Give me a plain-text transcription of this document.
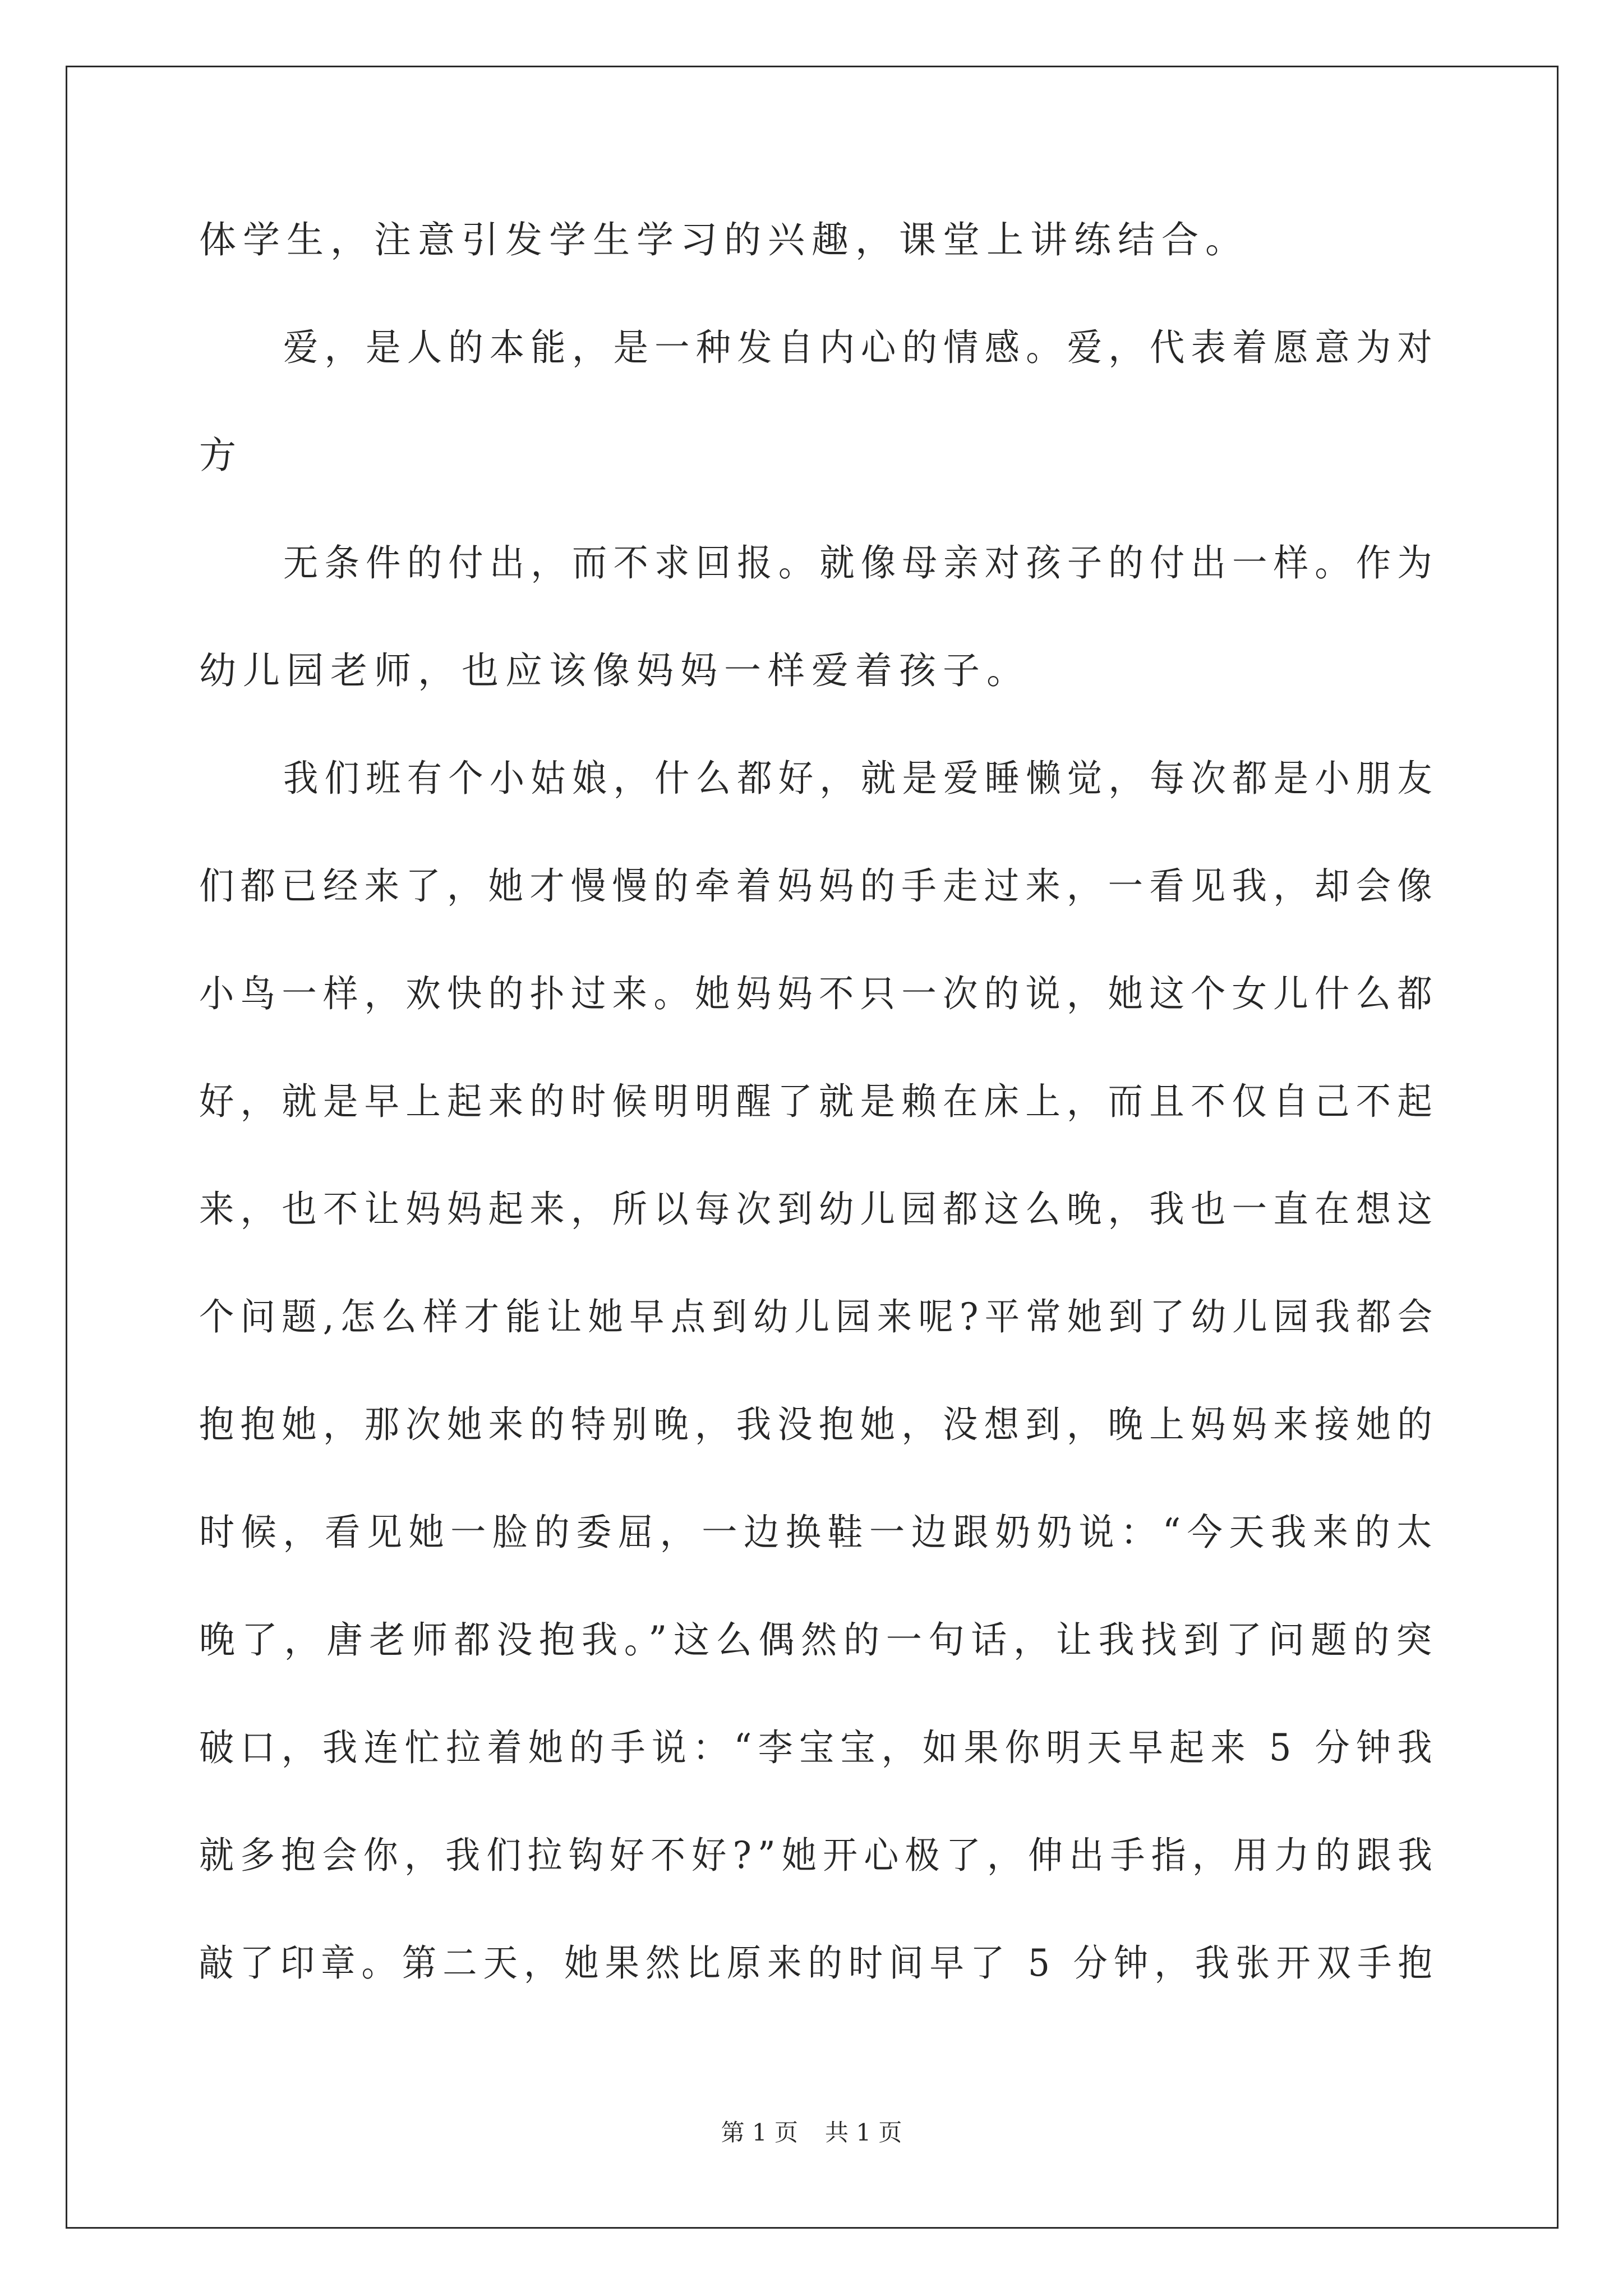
体学生，注意引发学生学习的兴趣，课堂上讲练结合。
爱，是人的本能，是一种发自内心的情感。爱，代表着愿意为对
方
无条件的付出，而不求回报。就像母亲对孩子的付出一样。作为
幼儿园老师，也应该像妈妈一样爱着孩子。
我们班有个小姑娘，什么都好，就是爱睡懒觉，每次都是小朋友
们都已经来了，她才慢慢的牵着妈妈的手走过来，一看见我，却会像
小鸟一样，欢快的扑过来。她妈妈不只一次的说，她这个女儿什么都
好，就是早上起来的时候明明醒了就是赖在床上，而且不仅自己不起
来，也不让妈妈起来，所以每次到幼儿园都这么晚，我也一直在想这
个问题,怎么样才能让她早点到幼儿园来呢?平常她到了幼儿园我都会
抱抱她，那次她来的特别晚，我没抱她，没想到，晚上妈妈来接她的
时候，看见她一脸的委屈，一边换鞋一边跟奶奶说：“今天我来的太
晚了，唐老师都没抱我。”这么偶然的一句话，让我找到了问题的突
破口，我连忙拉着她的手说：“李宝宝，如果你明天早起来 5 分钟我
就多抱会你，我们拉钩好不好?”她开心极了，伸出手指，用力的跟我
敲了印章。第二天，她果然比原来的时间早了 5 分钟，我张开双手抱
第 1 页 共 1 页
